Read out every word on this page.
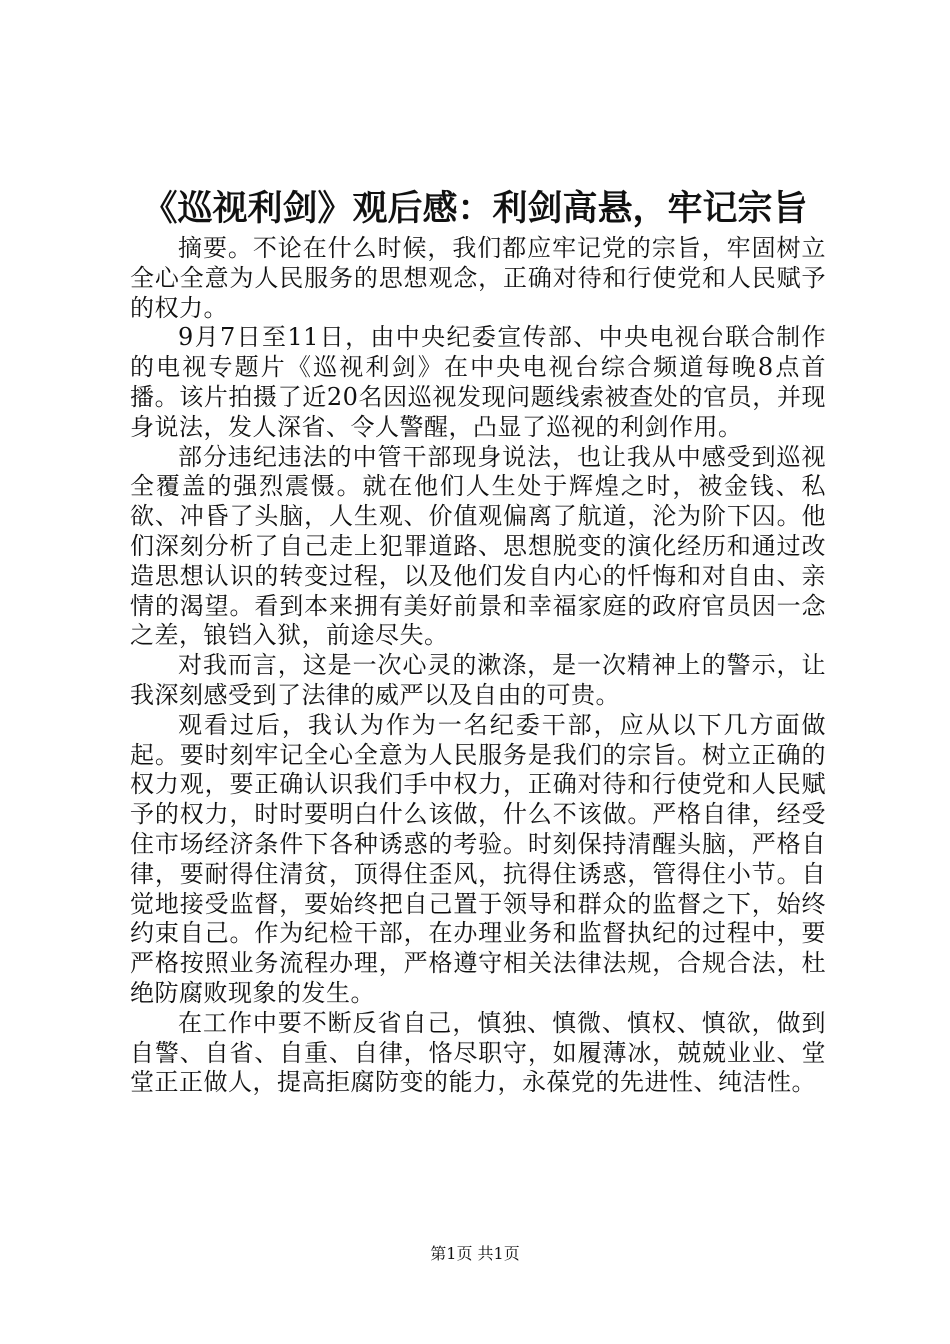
《巡视利剑》观后感：利剑高悬，牢记宗旨

摘要。不论在什么时候，我们都应牢记党的宗旨，牢固树立全心全意为人民服务的思想观念，正确对待和行使党和人民赋予的权力。

9月7日至11日，由中央纪委宣传部、中央电视台联合制作的电视专题片《巡视利剑》在中央电视台综合频道每晚8点首播。该片拍摄了近20名因巡视发现问题线索被查处的官员，并现身说法，发人深省、令人警醒，凸显了巡视的利剑作用。

部分违纪违法的中管干部现身说法，也让我从中感受到巡视全覆盖的强烈震慑。就在他们人生处于辉煌之时，被金钱、私欲、冲昏了头脑，人生观、价值观偏离了航道，沦为阶下囚。他们深刻分析了自己走上犯罪道路、思想脱变的演化经历和通过改造思想认识的转变过程，以及他们发自内心的忏悔和对自由、亲情的渴望。看到本来拥有美好前景和幸福家庭的政府官员因一念之差，锒铛入狱，前途尽失。

对我而言，这是一次心灵的漱涤，是一次精神上的警示，让我深刻感受到了法律的威严以及自由的可贵。

观看过后，我认为作为一名纪委干部，应从以下几方面做起。要时刻牢记全心全意为人民服务是我们的宗旨。树立正确的权力观，要正确认识我们手中权力，正确对待和行使党和人民赋予的权力，时时要明白什么该做，什么不该做。严格自律，经受住市场经济条件下各种诱惑的考验。时刻保持清醒头脑，严格自律，要耐得住清贫，顶得住歪风，抗得住诱惑，管得住小节。自觉地接受监督，要始终把自己置于领导和群众的监督之下，始终约束自己。作为纪检干部，在办理业务和监督执纪的过程中，要严格按照业务流程办理，严格遵守相关法律法规，合规合法，杜绝防腐败现象的发生。

在工作中要不断反省自己，慎独、慎微、慎权、慎欲，做到自警、自省、自重、自律，恪尽职守，如履薄冰，兢兢业业、堂堂正正做人，提高拒腐防变的能力，永葆党的先进性、纯洁性。

第1页 共1页
